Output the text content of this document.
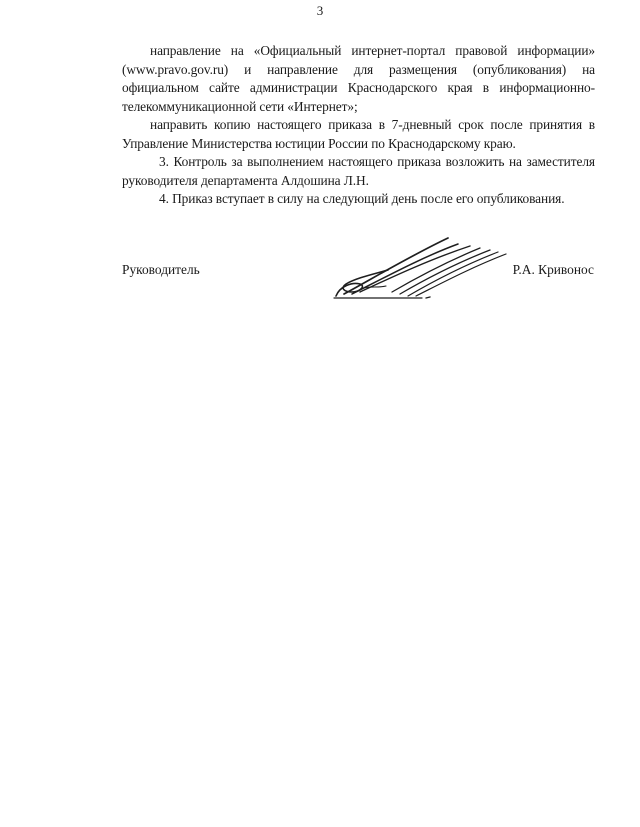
3

направление на «Официальный интернет-портал правовой информации» (www.pravo.gov.ru) и направление для размещения (опубликования) на официальном сайте администрации Краснодарского края в информационно-телекоммуникационной сети «Интернет»;

направить копию настоящего приказа в 7-дневный срок после принятия в Управление Министерства юстиции России по Краснодарскому краю.

3. Контроль за выполнением настоящего приказа возложить на заместителя руководителя департамента Алдошина Л.Н.

4. Приказ вступает в силу на следующий день после его опубликования.

Руководитель	Р.А. Кривонос
